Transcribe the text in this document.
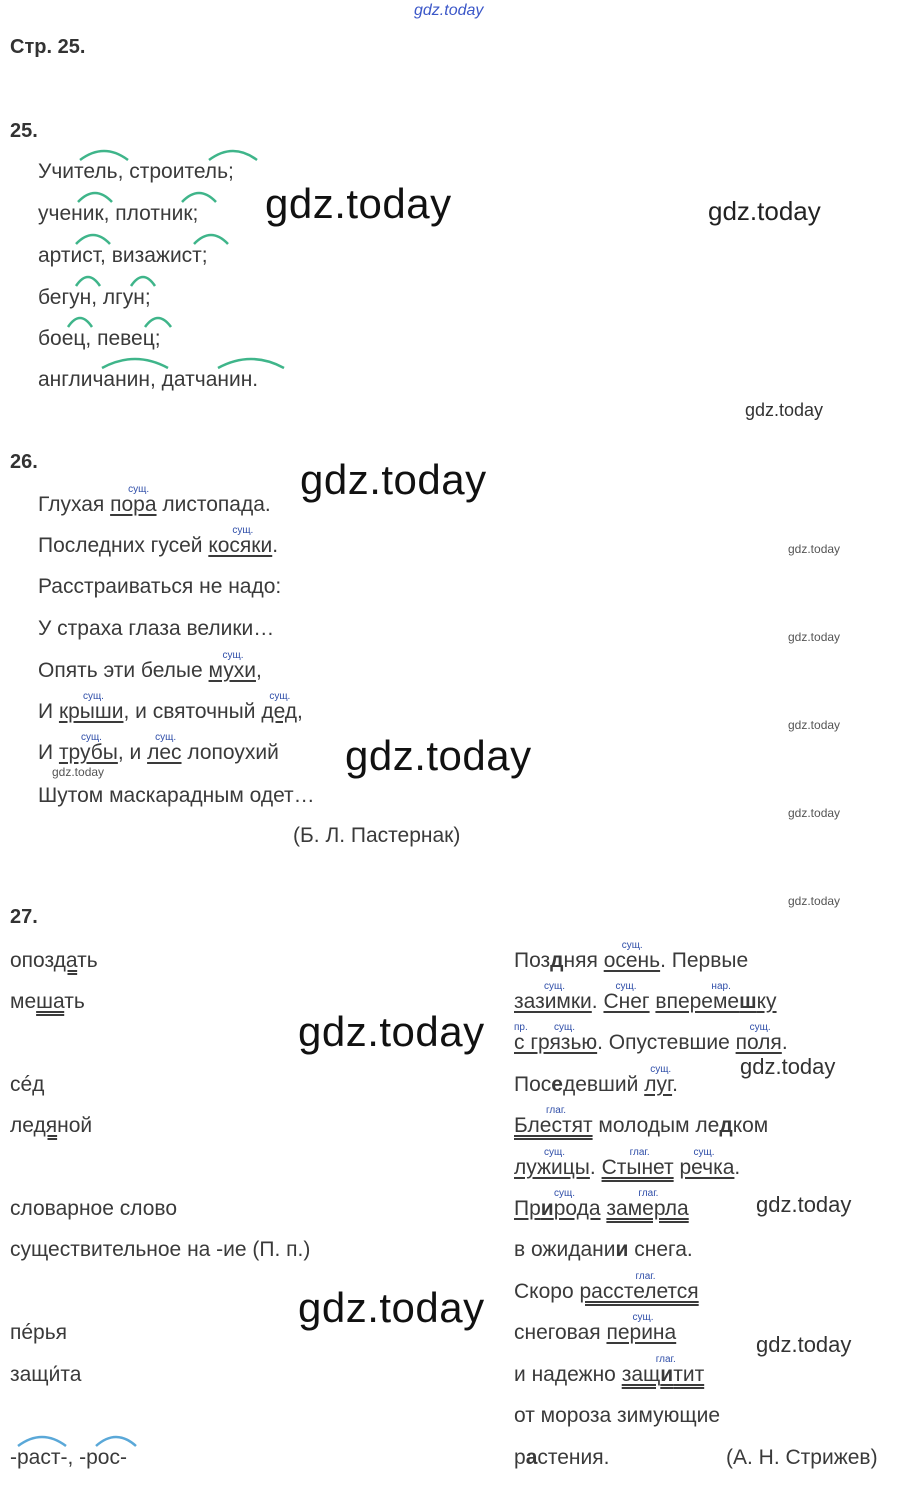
gdz.today
Стр. 25.
gdz.today	gdz.today
gdz.today
gdz.today
gdz.today
gdz.today
gdz.today
gdz.today
gdz.today
gdz.today
gdz.today
gdz.today
gdz.today
gdz.today
gdz.today
gdz.today
25.
Учитель, строитель;
ученик, плотник;
артист, визажист;
бегун, лгун;
боец, певец;
англичанин, датчанин.
26.
Глухая
сущ.
пора листопада.
Последних гусей
сущ.
косяки.
Расстраиваться не надо:
У страха глаза велики…
Опять эти белые
сущ.
мухи,
И
сущ.
крыши, и святочный
сущ.
дед,
И
сущ.
трубы, и
сущ.
лес лопоухий
Шутом маскарадным одет…
(Б. Л. Пастернак)
27.
опоздать
мешать
сéд
ледяной
словарное слово
существительное на -ие (П. п.)
пéрья
защи́та
-раст-, -рос-
Поздняя
сущ.
осень. Первые
сущ.
зазимки.
сущ.
Снег
нар.
вперемешку
пр.	сущ.
с грязью. Опустевшие
сущ.
поля.
Поседевший
сущ.
луг.
глаг.
Блестят молодым ледком
сущ.
лужицы.
глаг.
Стынет
сущ.
речка.
сущ.
Природа
глаг.
замерла
в ожидании снега.
Скоро
глаг.
расстелется
снеговая
сущ.
перина
и надежно
глаг.
защитит
от мороза зимующие
растения.	(А. Н. Стрижев)
